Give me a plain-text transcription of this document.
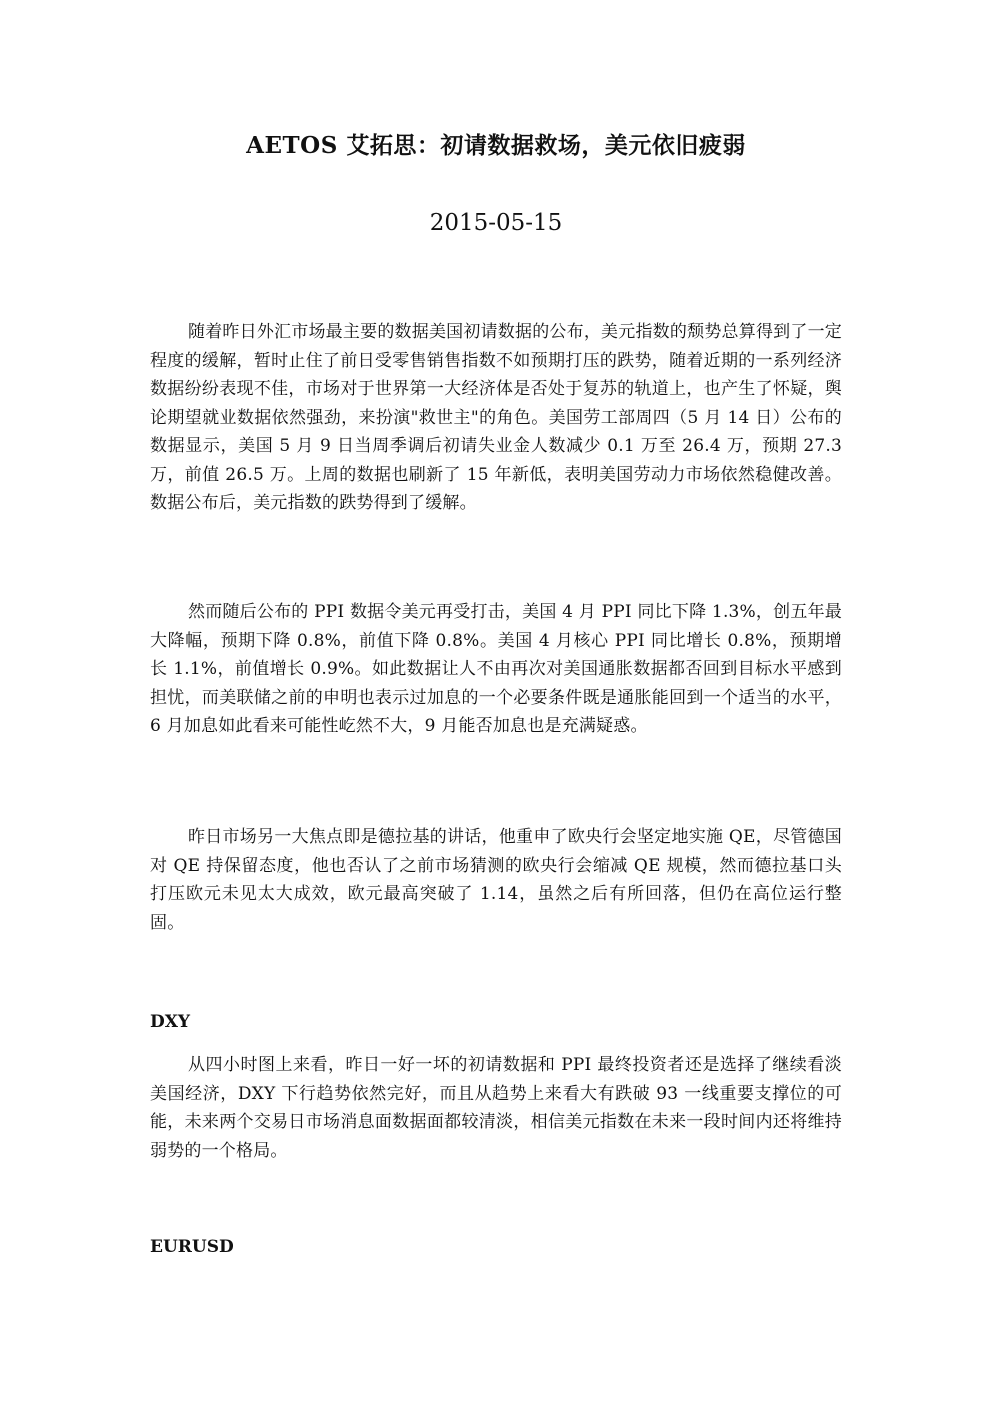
AETOS 艾拓思：初请数据救场，美元依旧疲弱
2015-05-15

随着昨日外汇市场最主要的数据美国初请数据的公布，美元指数的颓势总算得到了一定程度的缓解，暂时止住了前日受零售销售指数不如预期打压的跌势，随着近期的一系列经济数据纷纷表现不佳，市场对于世界第一大经济体是否处于复苏的轨道上，也产生了怀疑，舆论期望就业数据依然强劲，来扮演"救世主"的角色。美国劳工部周四（5 月 14 日）公布的数据显示，美国 5 月 9 日当周季调后初请失业金人数减少 0.1 万至 26.4 万，预期 27.3 万，前值 26.5 万。上周的数据也刷新了 15 年新低，表明美国劳动力市场依然稳健改善。数据公布后，美元指数的跌势得到了缓解。

然而随后公布的 PPI 数据令美元再受打击，美国 4 月 PPI 同比下降 1.3%，创五年最大降幅，预期下降 0.8%，前值下降 0.8%。美国 4 月核心 PPI 同比增长 0.8%，预期增长 1.1%，前值增长 0.9%。如此数据让人不由再次对美国通胀数据都否回到目标水平感到担忧，而美联储之前的申明也表示过加息的一个必要条件既是通胀能回到一个适当的水平，6 月加息如此看来可能性屹然不大，9 月能否加息也是充满疑惑。

昨日市场另一大焦点即是德拉基的讲话，他重申了欧央行会坚定地实施 QE，尽管德国对 QE 持保留态度，他也否认了之前市场猜测的欧央行会缩减 QE 规模，然而德拉基口头打压欧元未见太大成效，欧元最高突破了 1.14，虽然之后有所回落，但仍在高位运行整固。

DXY

从四小时图上来看，昨日一好一坏的初请数据和 PPI 最终投资者还是选择了继续看淡美国经济，DXY 下行趋势依然完好，而且从趋势上来看大有跌破 93 一线重要支撑位的可能，未来两个交易日市场消息面数据面都较清淡，相信美元指数在未来一段时间内还将维持弱势的一个格局。

EURUSD
